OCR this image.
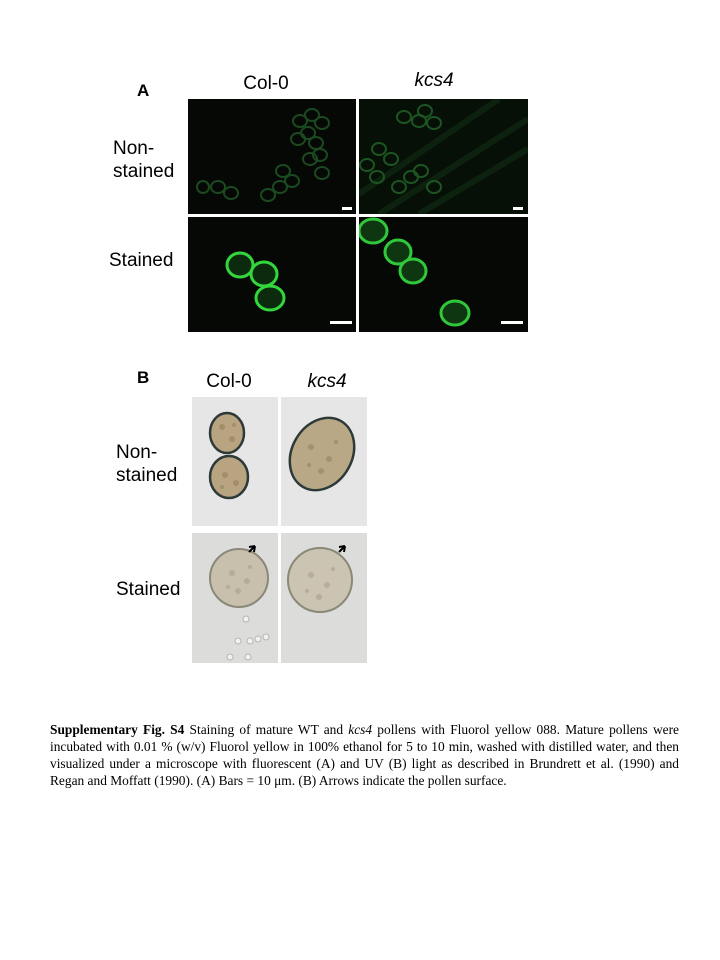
A	Col-0	kcs4
Non-
stained
Stained
B	Col-0	kcs4
Non-
stained
Stained
Supplementary Fig. S4 Staining of mature WT and kcs4 pollens with Fluorol yellow 088. Mature pollens were incubated with 0.01 % (w/v) Fluorol yellow in 100% ethanol for 5 to 10 min, washed with distilled water, and then visualized under a microscope with fluorescent (A) and UV (B) light as described in Brundrett et al. (1990) and Regan and Moffatt (1990). (A) Bars = 10 μm. (B) Arrows indicate the pollen surface.
